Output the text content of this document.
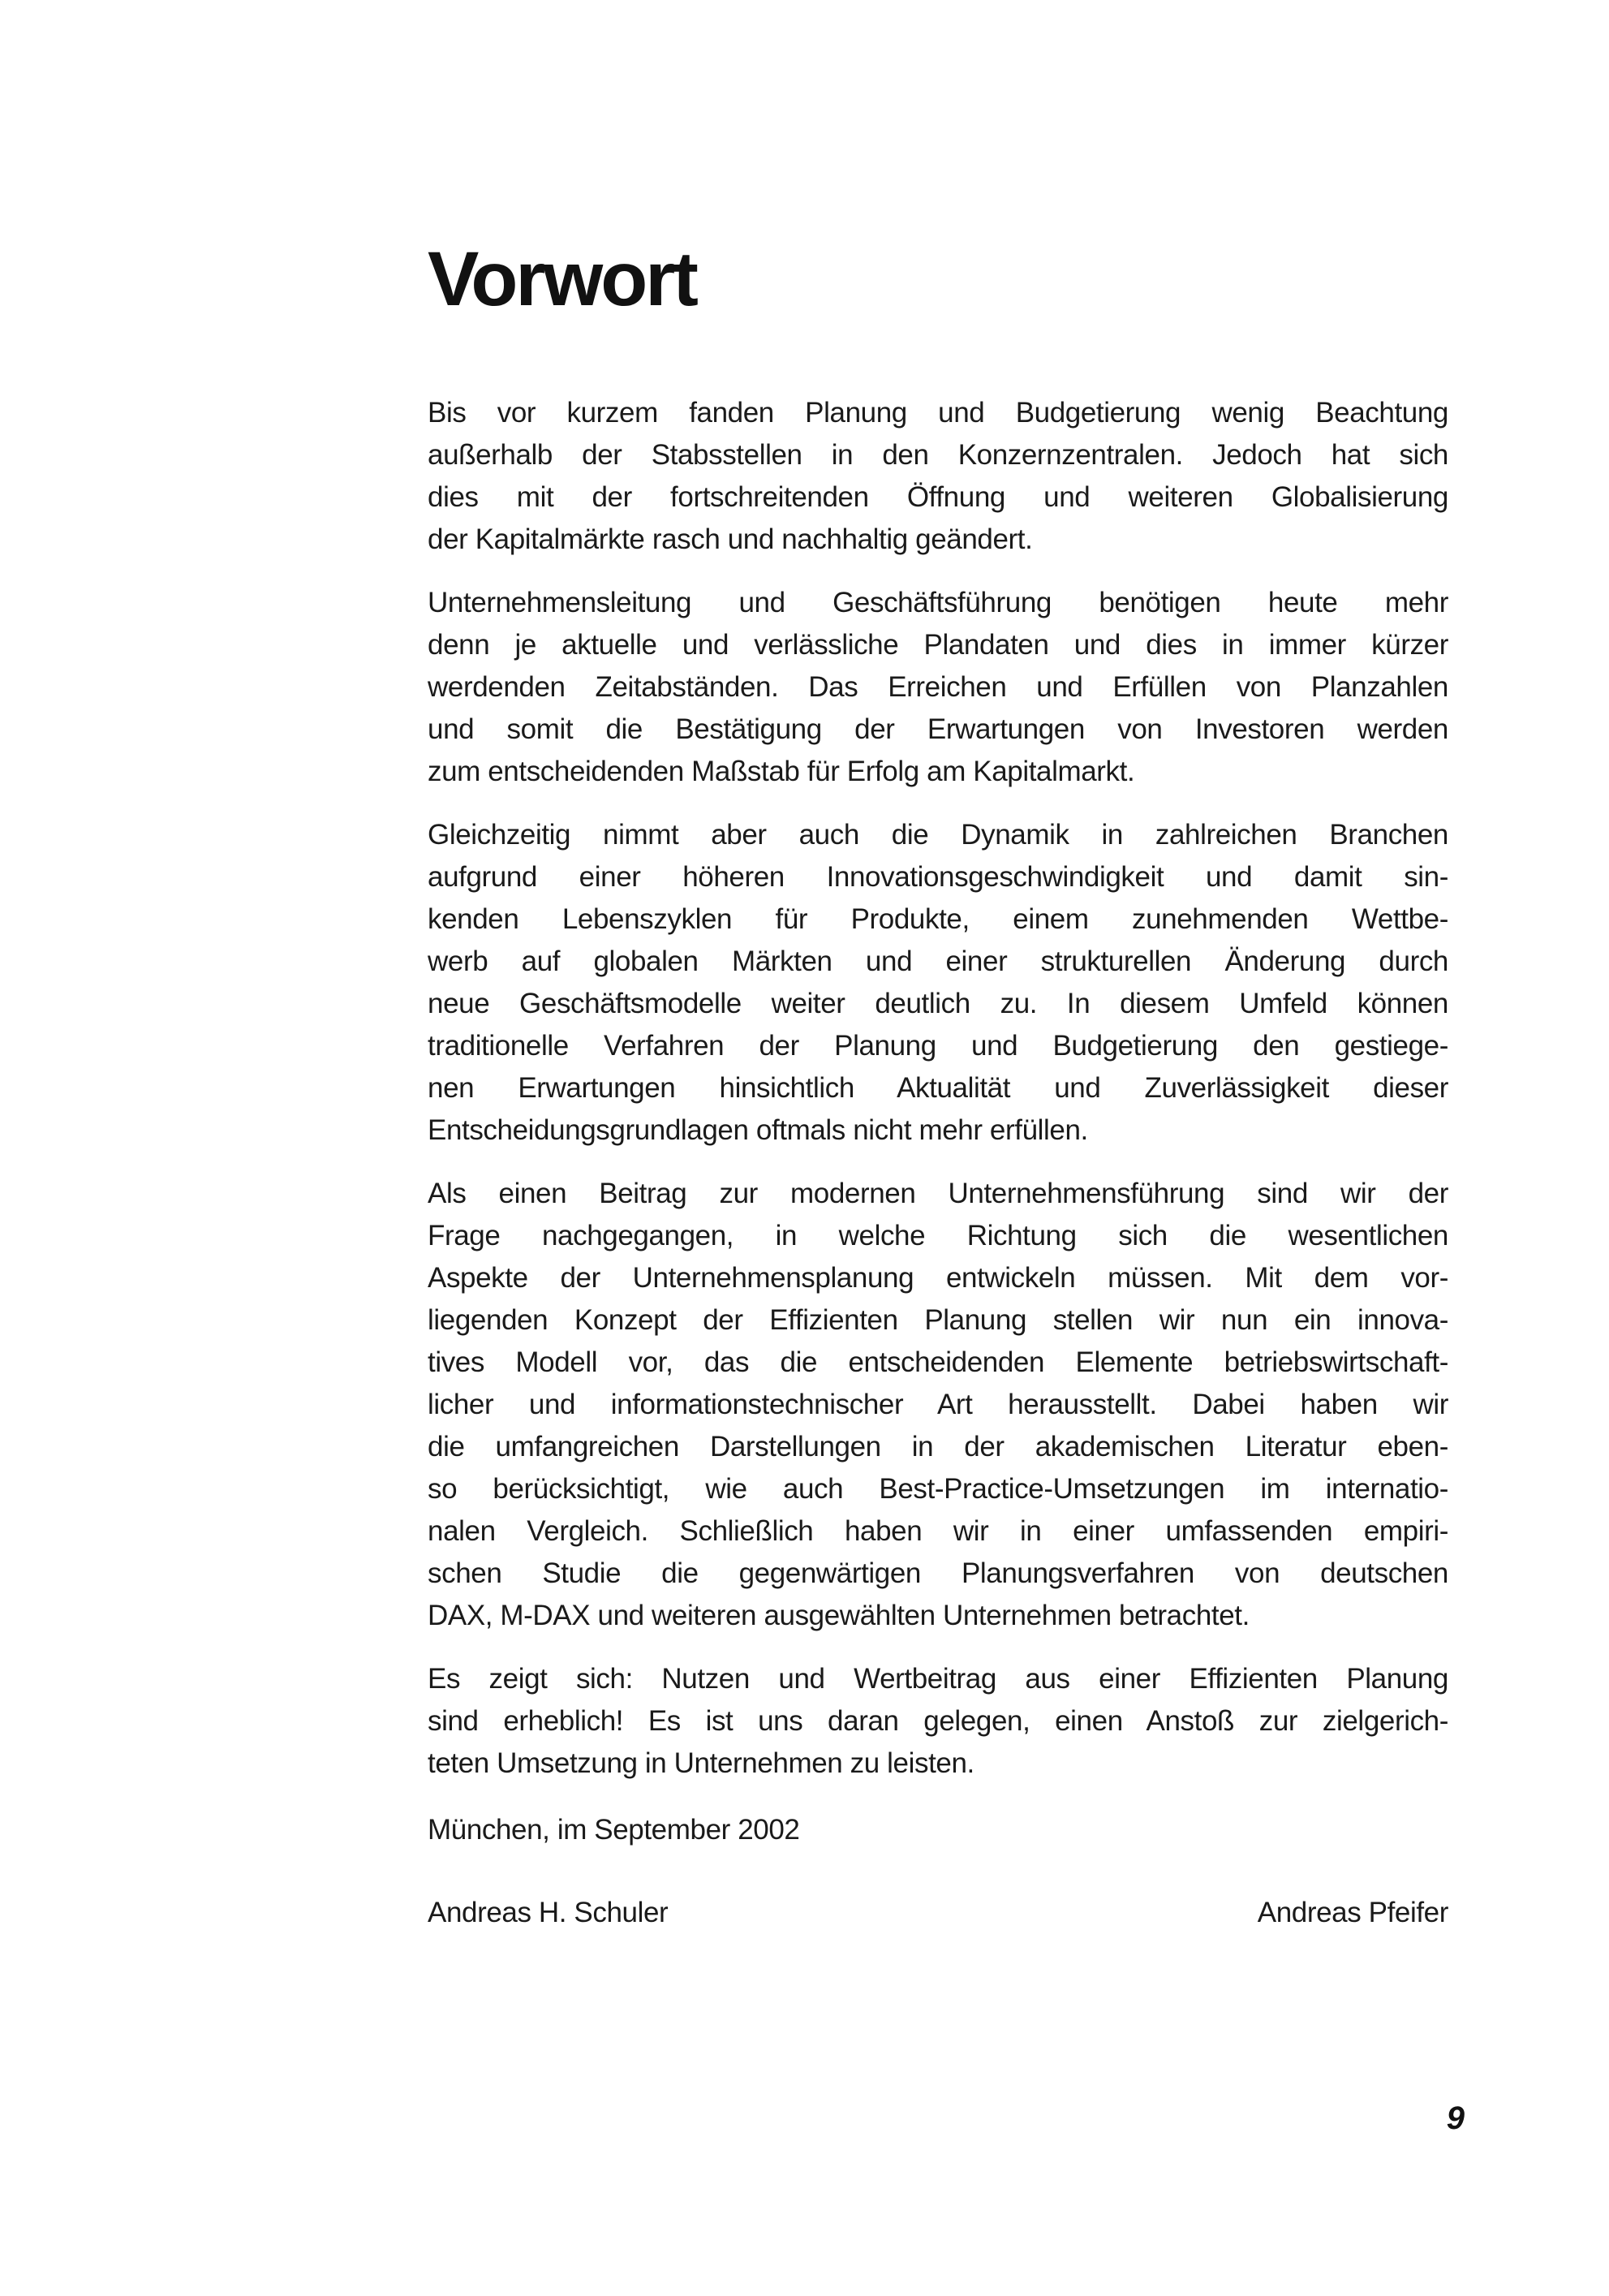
Vorwort
Bis vor kurzem fanden Planung und Budgetierung wenig Beachtung
außerhalb der Stabsstellen in den Konzernzentralen. Jedoch hat sich
dies mit der fortschreitenden Öffnung und weiteren Globalisierung
der Kapitalmärkte rasch und nachhaltig geändert.
Unternehmensleitung und Geschäftsführung benötigen heute mehr
denn je aktuelle und verlässliche Plandaten und dies in immer kürzer
werdenden Zeitabständen. Das Erreichen und Erfüllen von Planzahlen
und somit die Bestätigung der Erwartungen von Investoren werden
zum entscheidenden Maßstab für Erfolg am Kapitalmarkt.
Gleichzeitig nimmt aber auch die Dynamik in zahlreichen Branchen
aufgrund einer höheren Innovationsgeschwindigkeit und damit sin-
kenden Lebenszyklen für Produkte, einem zunehmenden Wettbe-
werb auf globalen Märkten und einer strukturellen Änderung durch
neue Geschäftsmodelle weiter deutlich zu. In diesem Umfeld können
traditionelle Verfahren der Planung und Budgetierung den gestiege-
nen Erwartungen hinsichtlich Aktualität und Zuverlässigkeit dieser
Entscheidungsgrundlagen oftmals nicht mehr erfüllen.
Als einen Beitrag zur modernen Unternehmensführung sind wir der
Frage nachgegangen, in welche Richtung sich die wesentlichen
Aspekte der Unternehmensplanung entwickeln müssen. Mit dem vor-
liegenden Konzept der Effizienten Planung stellen wir nun ein innova-
tives Modell vor, das die entscheidenden Elemente betriebswirtschaft-
licher und informationstechnischer Art herausstellt. Dabei haben wir
die umfangreichen Darstellungen in der akademischen Literatur eben-
so berücksichtigt, wie auch Best-Practice-Umsetzungen im internatio-
nalen Vergleich. Schließlich haben wir in einer umfassenden empiri-
schen Studie die gegenwärtigen Planungsverfahren von deutschen
DAX, M-DAX und weiteren ausgewählten Unternehmen betrachtet.
Es zeigt sich: Nutzen und Wertbeitrag aus einer Effizienten Planung
sind erheblich! Es ist uns daran gelegen, einen Anstoß zur zielgerich-
teten Umsetzung in Unternehmen zu leisten.

München, im September 2002

Andreas H. Schuler	Andreas Pfeifer
9
